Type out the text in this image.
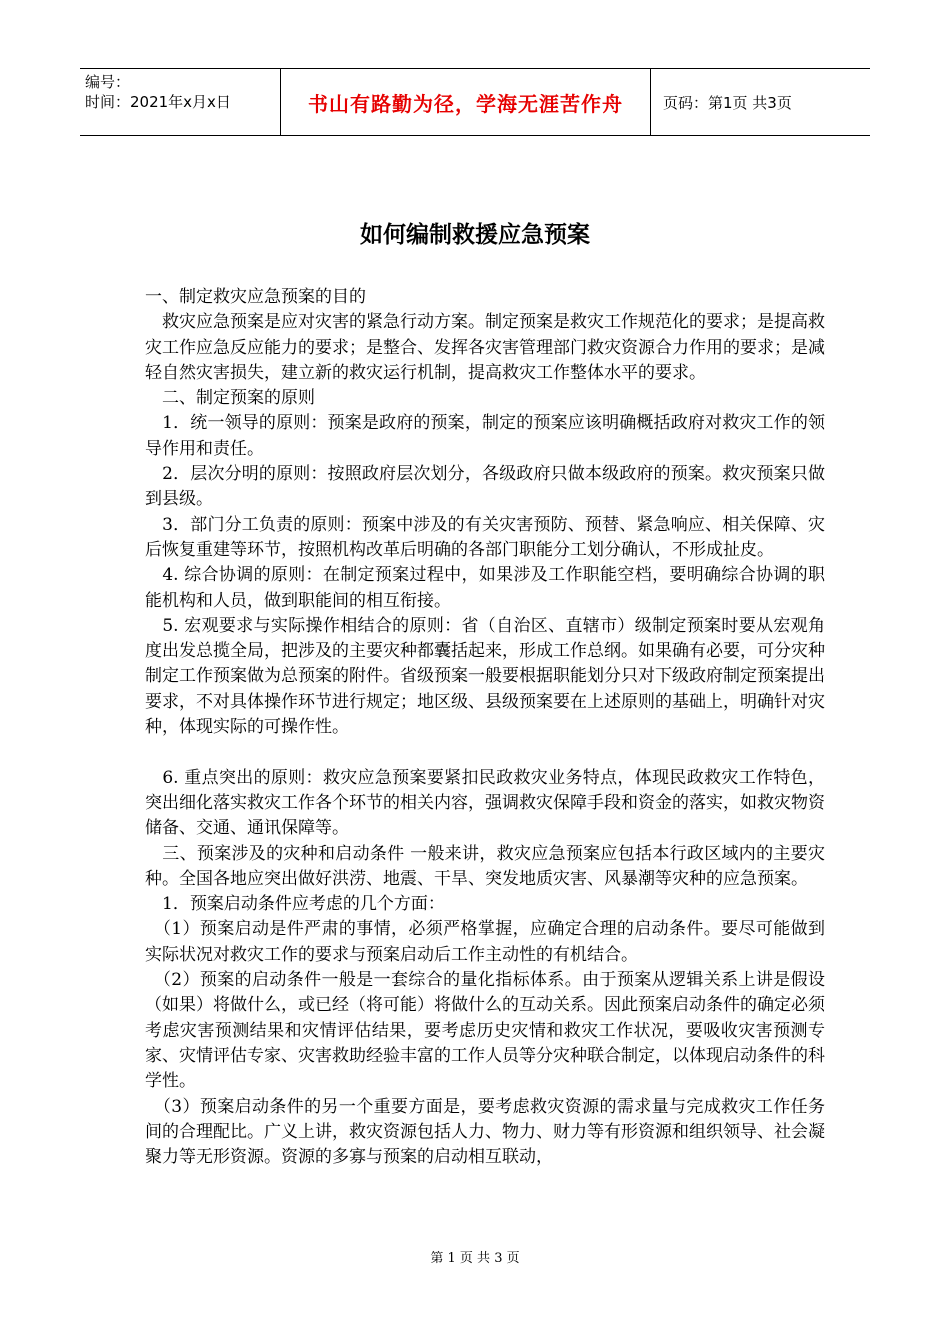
编号：
时间：2021年x月x日	书山有路勤为径，学海无涯苦作舟	页码：第1页 共3页
如何编制救援应急预案

一、制定救灾应急预案的目的

　救灾应急预案是应对灾害的紧急行动方案。制定预案是救灾工作规范化的要求；是提高救灾工作应急反应能力的要求；是整合、发挥各灾害管理部门救灾资源合力作用的要求；是减轻自然灾害损失，建立新的救灾运行机制，提高救灾工作整体水平的要求。

　二、制定预案的原则

　1．统一领导的原则：预案是政府的预案，制定的预案应该明确概括政府对救灾工作的领导作用和责任。

　2．层次分明的原则：按照政府层次划分，各级政府只做本级政府的预案。救灾预案只做到县级。

　3．部门分工负责的原则：预案中涉及的有关灾害预防、预替、紧急响应、相关保障、灾后恢复重建等环节，按照机构改革后明确的各部门职能分工划分确认，不形成扯皮。

　4. 综合协调的原则：在制定预案过程中，如果涉及工作职能空档，要明确综合协调的职能机构和人员，做到职能间的相互衔接。

　5. 宏观要求与实际操作相结合的原则：省（自治区、直辖市）级制定预案时要从宏观角度出发总揽全局，把涉及的主要灾种都囊括起来，形成工作总纲。如果确有必要，可分灾种制定工作预案做为总预案的附件。省级预案一般要根据职能划分只对下级政府制定预案提出要求，不对具体操作环节进行规定；地区级、县级预案要在上述原则的基础上，明确针对灾种，体现实际的可操作性。

　6. 重点突出的原则：救灾应急预案要紧扣民政救灾业务特点，体现民政救灾工作特色，突出细化落实救灾工作各个环节的相关内容，强调救灾保障手段和资金的落实，如救灾物资储备、交通、通讯保障等。

　三、预案涉及的灾种和启动条件 一般来讲，救灾应急预案应包括本行政区域内的主要灾种。全国各地应突出做好洪涝、地震、干旱、突发地质灾害、风暴潮等灾种的应急预案。

　1．预案启动条件应考虑的几个方面：

　（1）预案启动是件严肃的事情，必须严格掌握，应确定合理的启动条件。要尽可能做到实际状况对救灾工作的要求与预案启动后工作主动性的有机结合。

　（2）预案的启动条件一般是一套综合的量化指标体系。由于预案从逻辑关系上讲是假设（如果）将做什么，或已经（将可能）将做什么的互动关系。因此预案启动条件的确定必须考虑灾害预测结果和灾情评估结果，要考虑历史灾情和救灾工作状况，要吸收灾害预测专家、灾情评估专家、灾害救助经验丰富的工作人员等分灾种联合制定，以体现启动条件的科学性。

　（3）预案启动条件的另一个重要方面是，要考虑救灾资源的需求量与完成救灾工作任务间的合理配比。广义上讲，救灾资源包括人力、物力、财力等有形资源和组织领导、社会凝聚力等无形资源。资源的多寡与预案的启动相互联动，

第 1 页 共 3 页
